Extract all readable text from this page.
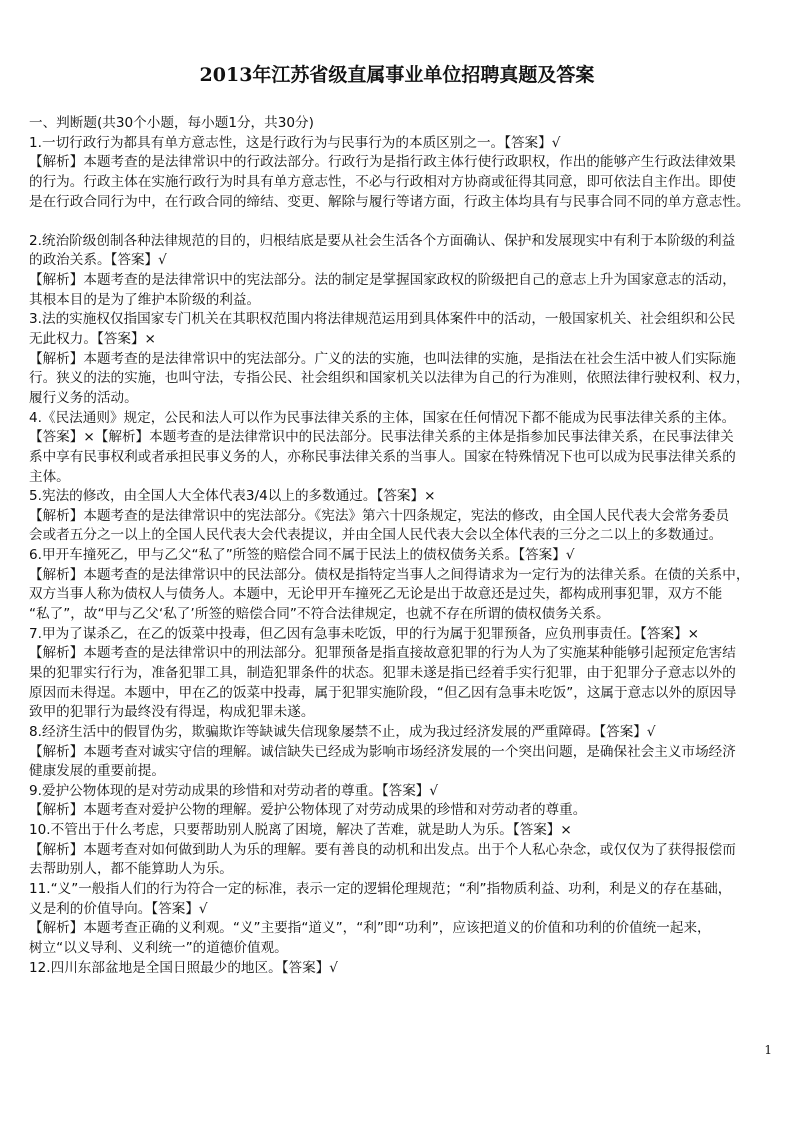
2013年江苏省级直属事业单位招聘真题及答案
一、判断题(共30个小题，每小题1分，共30分)
1.一切行政行为都具有单方意志性，这是行政行为与民事行为的本质区别之一。【答案】√
【解析】本题考查的是法律常识中的行政法部分。行政行为是指行政主体行使行政职权，作出的能够产生行政法律效果
的行为。行政主体在实施行政行为时具有单方意志性，不必与行政相对方协商或征得其同意，即可依法自主作出。即使
是在行政合同行为中，在行政合同的缔结、变更、解除与履行等诸方面，行政主体均具有与民事合同不同的单方意志性。
2.统治阶级创制各种法律规范的目的，归根结底是要从社会生活各个方面确认、保护和发展现实中有利于本阶级的利益
的政治关系。【答案】√
【解析】本题考查的是法律常识中的宪法部分。法的制定是掌握国家政权的阶级把自己的意志上升为国家意志的活动，
其根本目的是为了维护本阶级的利益。
3.法的实施权仅指国家专门机关在其职权范围内将法律规范运用到具体案件中的活动，一般国家机关、社会组织和公民
无此权力。【答案】×
【解析】本题考查的是法律常识中的宪法部分。广义的法的实施，也叫法律的实施，是指法在社会生活中被人们实际施
行。狭义的法的实施，也叫守法，专指公民、社会组织和国家机关以法律为自己的行为准则，依照法律行驶权利、权力，
履行义务的活动。
4.《民法通则》规定，公民和法人可以作为民事法律关系的主体，国家在任何情况下都不能成为民事法律关系的主体。
【答案】×【解析】本题考查的是法律常识中的民法部分。民事法律关系的主体是指参加民事法律关系，在民事法律关
系中享有民事权利或者承担民事义务的人，亦称民事法律关系的当事人。国家在特殊情况下也可以成为民事法律关系的
主体。
5.宪法的修改，由全国人大全体代表3/4以上的多数通过。【答案】×
【解析】本题考查的是法律常识中的宪法部分。《宪法》第六十四条规定，宪法的修改，由全国人民代表大会常务委员
会或者五分之一以上的全国人民代表大会代表提议，并由全国人民代表大会以全体代表的三分之二以上的多数通过。
6.甲开车撞死乙，甲与乙父“私了”所签的赔偿合同不属于民法上的债权债务关系。【答案】√
【解析】本题考查的是法律常识中的民法部分。债权是指特定当事人之间得请求为一定行为的法律关系。在债的关系中，
双方当事人称为债权人与债务人。本题中，无论甲开车撞死乙无论是出于故意还是过失，都构成刑事犯罪，双方不能
“私了”，故“甲与乙父‘私了’所签的赔偿合同”不符合法律规定，也就不存在所谓的债权债务关系。
7.甲为了谋杀乙，在乙的饭菜中投毒，但乙因有急事未吃饭，甲的行为属于犯罪预备，应负刑事责任。【答案】×
【解析】本题考查的是法律常识中的刑法部分。犯罪预备是指直接故意犯罪的行为人为了实施某种能够引起预定危害结
果的犯罪实行行为，准备犯罪工具，制造犯罪条件的状态。犯罪未遂是指已经着手实行犯罪，由于犯罪分子意志以外的
原因而未得逞。本题中，甲在乙的饭菜中投毒，属于犯罪实施阶段，“但乙因有急事未吃饭”，这属于意志以外的原因导
致甲的犯罪行为最终没有得逞，构成犯罪未遂。
8.经济生活中的假冒伪劣，欺骗欺诈等缺诚失信现象屡禁不止，成为我过经济发展的严重障碍。【答案】√
【解析】本题考查对诚实守信的理解。诚信缺失已经成为影响市场经济发展的一个突出问题，是确保社会主义市场经济
健康发展的重要前提。
9.爱护公物体现的是对劳动成果的珍惜和对劳动者的尊重。【答案】√
【解析】本题考查对爱护公物的理解。爱护公物体现了对劳动成果的珍惜和对劳动者的尊重。
10.不管出于什么考虑，只要帮助别人脱离了困境，解决了苦难，就是助人为乐。【答案】×
【解析】本题考查对如何做到助人为乐的理解。要有善良的动机和出发点。出于个人私心杂念，或仅仅为了获得报偿而
去帮助别人，都不能算助人为乐。
11.“义”一般指人们的行为符合一定的标准，表示一定的逻辑伦理规范；“利”指物质利益、功利，利是义的存在基础，
义是利的价值导向。【答案】√
【解析】本题考查正确的义利观。“义”主要指“道义”，“利”即“功利”，应该把道义的价值和功利的价值统一起来，
树立“以义导利、义利统一”的道德价值观。
12.四川东部盆地是全国日照最少的地区。【答案】√
1
